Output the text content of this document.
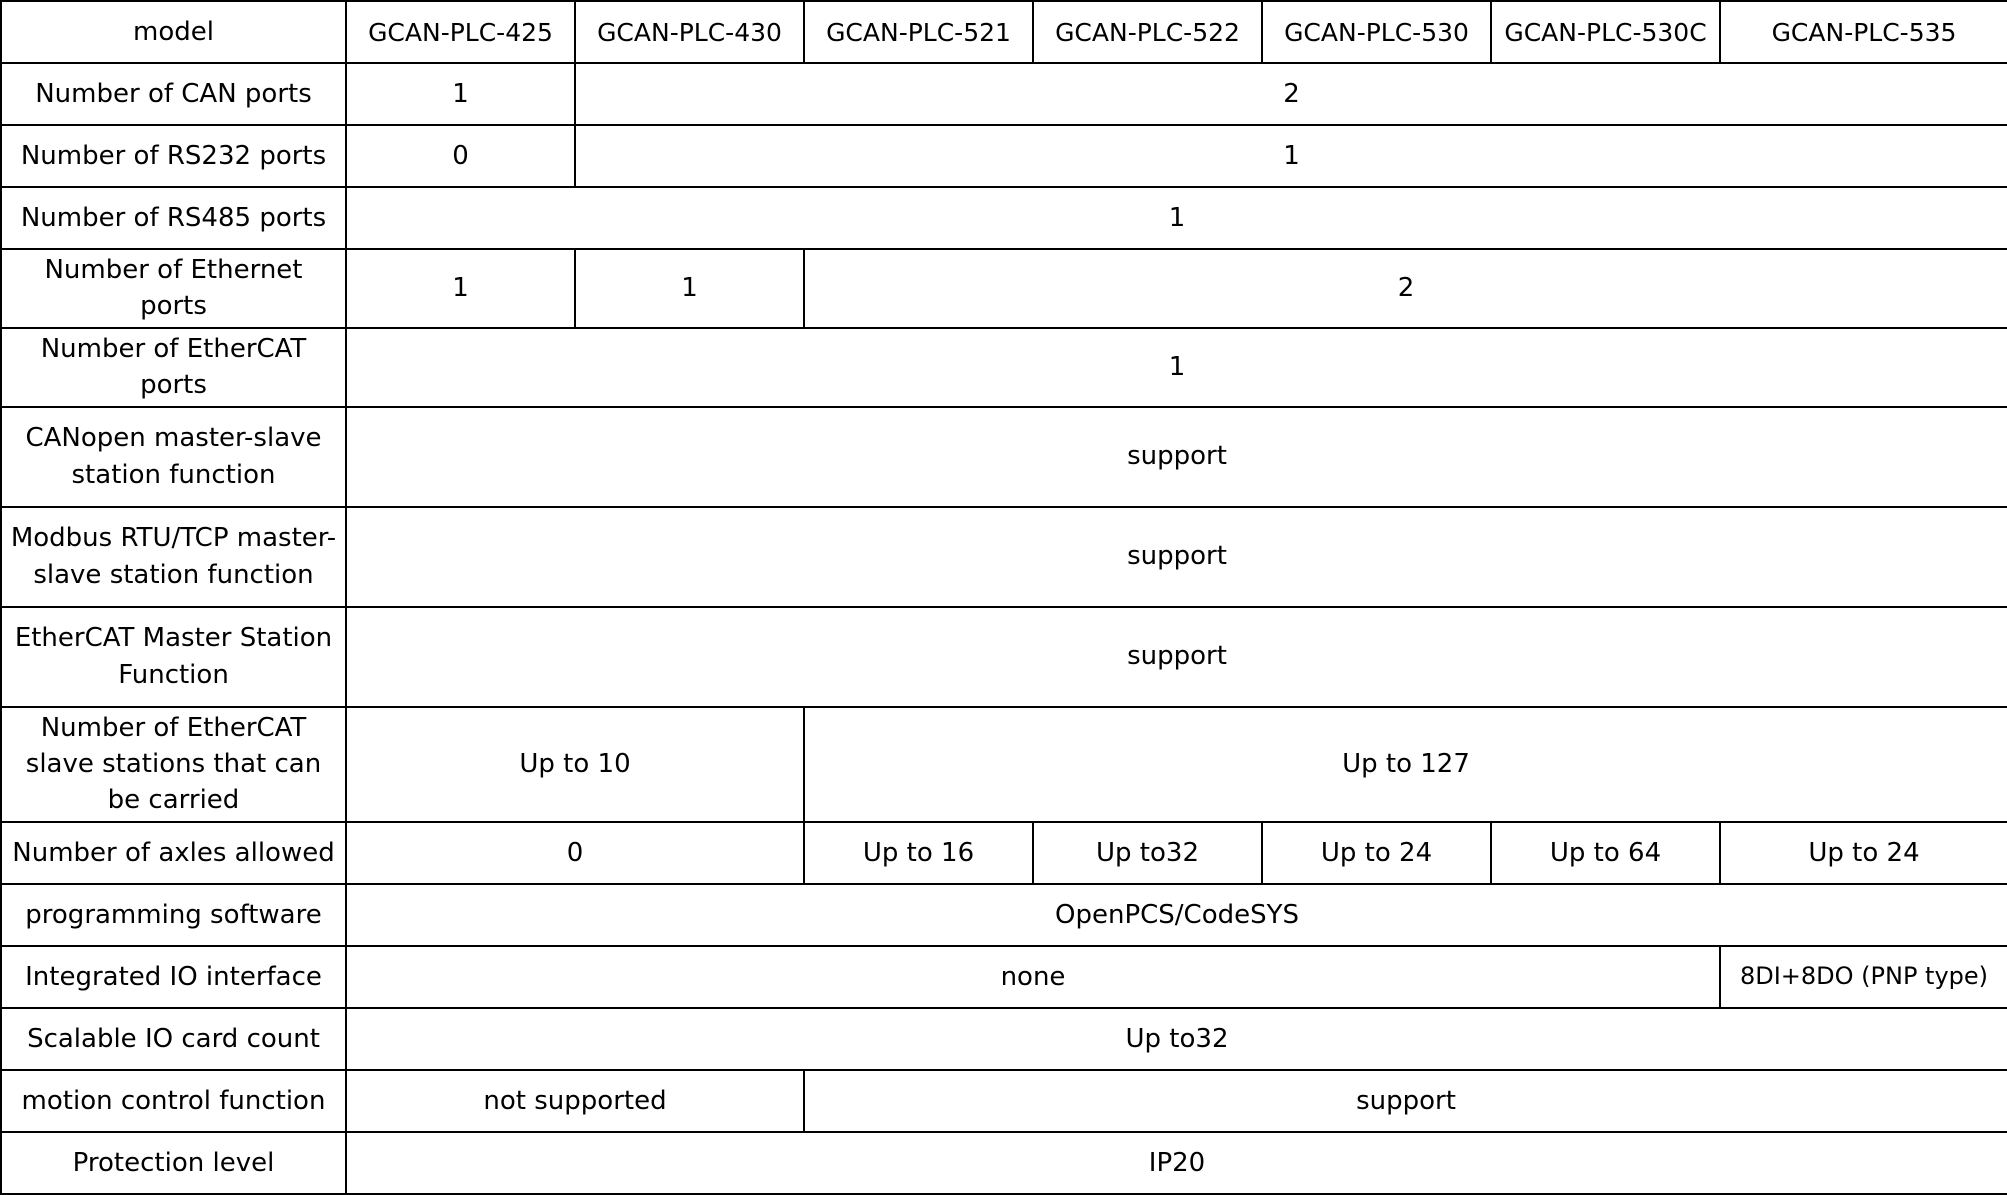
model	GCAN-PLC-425	GCAN-PLC-430	GCAN-PLC-521	GCAN-PLC-522	GCAN-PLC-530	GCAN-PLC-530C	GCAN-PLC-535
Number of CAN ports	1	2					
Number of RS232 ports	0	1					
Number of RS485 ports	1						
Number of Ethernet ports	1	1	2				
Number of EtherCAT ports	1						
CANopen master-slave station function	support						
Modbus RTU/TCP master-slave station function	support						
EtherCAT Master Station Function	support						
Number of EtherCAT slave stations that can be carried	Up to 10		Up to 127				
Number of axles allowed	0		Up to 16	Up to32	Up to 24	Up to 64	Up to 24
programming software	OpenPCS/CodeSYS						
Integrated IO interface	none						8DI+8DO (PNP type)
Scalable IO card count	Up to32						
motion control function	not supported		support				
Protection level	IP20						
